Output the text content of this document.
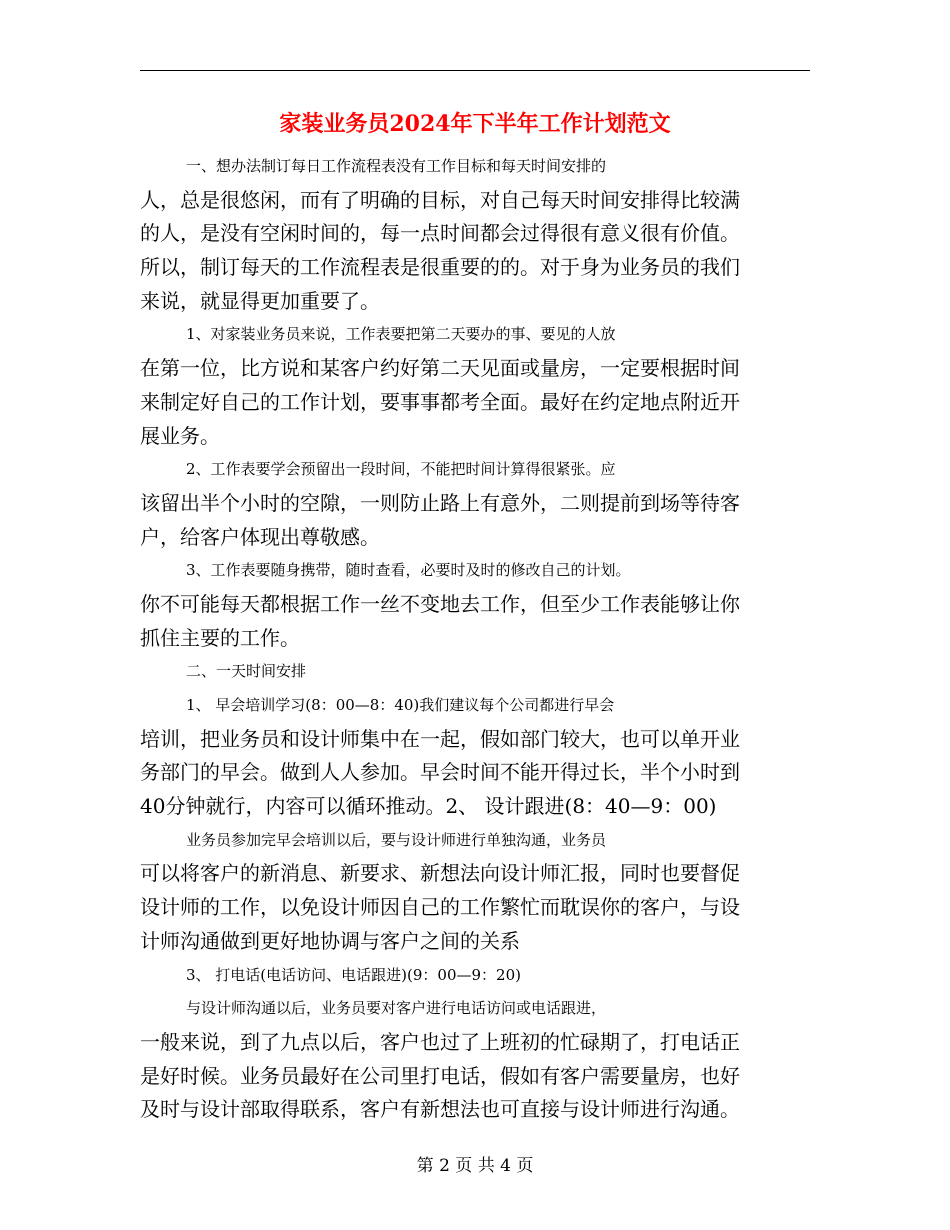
家装业务员2024年下半年工作计划范文
一、想办法制订每日工作流程表没有工作目标和每天时间安排的
人，总是很悠闲，而有了明确的目标，对自己每天时间安排得比较满
的人，是没有空闲时间的，每一点时间都会过得很有意义很有价值。
所以，制订每天的工作流程表是很重要的的。对于身为业务员的我们
来说，就显得更加重要了。
1、对家装业务员来说，工作表要把第二天要办的事、要见的人放
在第一位，比方说和某客户约好第二天见面或量房，一定要根据时间
来制定好自己的工作计划，要事事都考全面。最好在约定地点附近开
展业务。
2、工作表要学会预留出一段时间，不能把时间计算得很紧张。应
该留出半个小时的空隙，一则防止路上有意外，二则提前到场等待客
户，给客户体现出尊敬感。
3、工作表要随身携带，随时查看，必要时及时的修改自己的计划。
你不可能每天都根据工作一丝不变地去工作，但至少工作表能够让你
抓住主要的工作。
二、一天时间安排
1、 早会培训学习(8：00—8：40)我们建议每个公司都进行早会
培训，把业务员和设计师集中在一起，假如部门较大，也可以单开业
务部门的早会。做到人人参加。早会时间不能开得过长，半个小时到
40分钟就行，内容可以循环推动。2、 设计跟进(8：40—9：00)
业务员参加完早会培训以后，要与设计师进行单独沟通，业务员
可以将客户的新消息、新要求、新想法向设计师汇报，同时也要督促
设计师的工作，以免设计师因自己的工作繁忙而耽误你的客户，与设
计师沟通做到更好地协调与客户之间的关系
3、 打电话(电话访问、电话跟进)(9：00—9：20)
与设计师沟通以后，业务员要对客户进行电话访问或电话跟进，
一般来说，到了九点以后，客户也过了上班初的忙碌期了，打电话正
是好时候。业务员最好在公司里打电话，假如有客户需要量房，也好
及时与设计部取得联系，客户有新想法也可直接与设计师进行沟通。
第 2 页 共 4 页
